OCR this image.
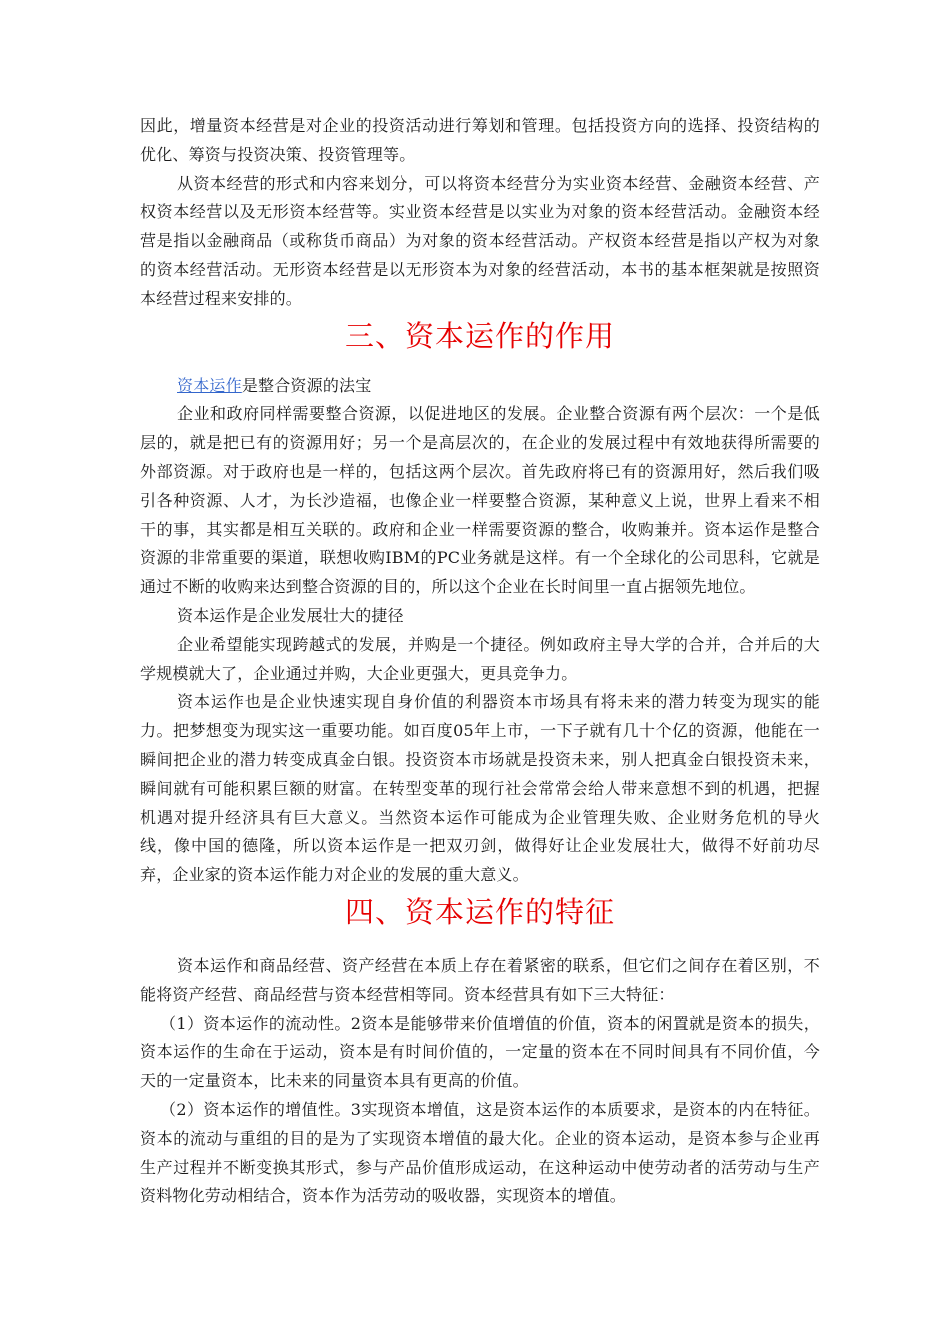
因此，增量资本经营是对企业的投资活动进行筹划和管理。包括投资方向的选择、投资结构的优化、筹资与投资决策、投资管理等。

从资本经营的形式和内容来划分，可以将资本经营分为实业资本经营、金融资本经营、产权资本经营以及无形资本经营等。实业资本经营是以实业为对象的资本经营活动。金融资本经营是指以金融商品（或称货币商品）为对象的资本经营活动。产权资本经营是指以产权为对象的资本经营活动。无形资本经营是以无形资本为对象的经营活动，本书的基本框架就是按照资本经营过程来安排的。

三、资本运作的作用

资本运作是整合资源的法宝

企业和政府同样需要整合资源，以促进地区的发展。企业整合资源有两个层次：一个是低层的，就是把已有的资源用好；另一个是高层次的，在企业的发展过程中有效地获得所需要的外部资源。对于政府也是一样的，包括这两个层次。首先政府将已有的资源用好，然后我们吸引各种资源、人才，为长沙造福，也像企业一样要整合资源，某种意义上说，世界上看来不相干的事，其实都是相互关联的。政府和企业一样需要资源的整合，收购兼并。资本运作是整合资源的非常重要的渠道，联想收购IBM的PC业务就是这样。有一个全球化的公司思科，它就是通过不断的收购来达到整合资源的目的，所以这个企业在长时间里一直占据领先地位。

资本运作是企业发展壮大的捷径

企业希望能实现跨越式的发展，并购是一个捷径。例如政府主导大学的合并，合并后的大学规模就大了，企业通过并购，大企业更强大，更具竞争力。

资本运作也是企业快速实现自身价值的利器资本市场具有将未来的潜力转变为现实的能力。把梦想变为现实这一重要功能。如百度05年上市，一下子就有几十个亿的资源，他能在一瞬间把企业的潜力转变成真金白银。投资资本市场就是投资未来，别人把真金白银投资未来，瞬间就有可能积累巨额的财富。在转型变革的现行社会常常会给人带来意想不到的机遇，把握机遇对提升经济具有巨大意义。当然资本运作可能成为企业管理失败、企业财务危机的导火线，像中国的德隆，所以资本运作是一把双刃剑，做得好让企业发展壮大，做得不好前功尽弃，企业家的资本运作能力对企业的发展的重大意义。

四、资本运作的特征

资本运作和商品经营、资产经营在本质上存在着紧密的联系，但它们之间存在着区别，不能将资产经营、商品经营与资本经营相等同。资本经营具有如下三大特征：

（1）资本运作的流动性。2资本是能够带来价值增值的价值，资本的闲置就是资本的损失，资本运作的生命在于运动，资本是有时间价值的，一定量的资本在不同时间具有不同价值，今天的一定量资本，比未来的同量资本具有更高的价值。

（2）资本运作的增值性。3实现资本增值，这是资本运作的本质要求，是资本的内在特征。资本的流动与重组的目的是为了实现资本增值的最大化。企业的资本运动，是资本参与企业再生产过程并不断变换其形式，参与产品价值形成运动，在这种运动中使劳动者的活劳动与生产资料物化劳动相结合，资本作为活劳动的吸收器，实现资本的增值。
